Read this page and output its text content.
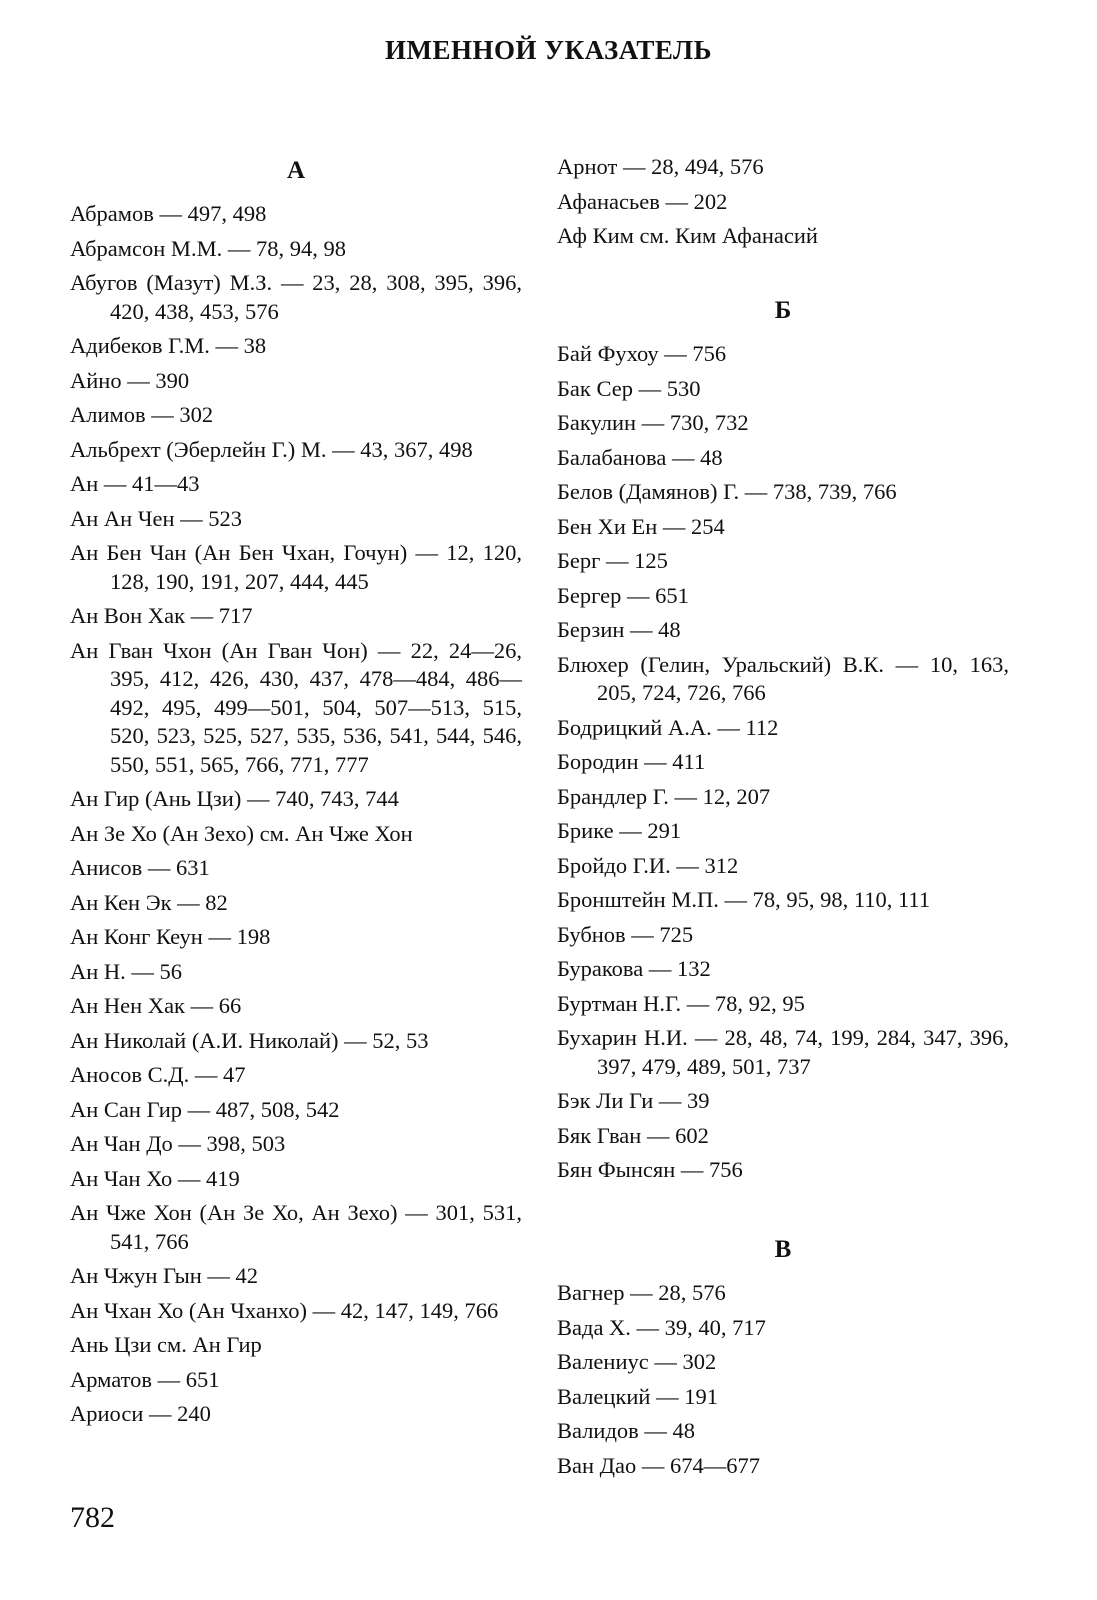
ИМЕННОЙ УКАЗАТЕЛЬ
А
Абрамов — 497, 498
Абрамсон М.М. — 78, 94, 98
Абугов (Мазут) М.З. — 23, 28, 308, 395, 396, 420, 438, 453, 576
Адибеков Г.М. — 38
Айно — 390
Алимов — 302
Альбрехт (Эберлейн Г.) М. — 43, 367, 498
Ан — 41—43
Ан Ан Чен — 523
Ан Бен Чан (Ан Бен Чхан, Гочун) — 12, 120, 128, 190, 191, 207, 444, 445
Ан Вон Хак — 717
Ан Гван Чхон (Ан Гван Чон) — 22, 24—26, 395, 412, 426, 430, 437, 478—484, 486—492, 495, 499—501, 504, 507—513, 515, 520, 523, 525, 527, 535, 536, 541, 544, 546, 550, 551, 565, 766, 771, 777
Ан Гир (Ань Цзи) — 740, 743, 744
Ан Зе Хо (Ан Зехо) см. Ан Чже Хон
Анисов — 631
Ан Кен Эк — 82
Ан Конг Кеун — 198
Ан Н. — 56
Ан Нен Хак — 66
Ан Николай (А.И. Николай) — 52, 53
Аносов С.Д. — 47
Ан Сан Гир — 487, 508, 542
Ан Чан До — 398, 503
Ан Чан Хо — 419
Ан Чже Хон (Ан Зе Хо, Ан Зехо) — 301, 531, 541, 766
Ан Чжун Гын — 42
Ан Чхан Хо (Ан Чханхо) — 42, 147, 149, 766
Ань Цзи см. Ан Гир
Арматов — 651
Ариоси — 240
Арнот — 28, 494, 576
Афанасьев — 202
Аф Ким см. Ким Афанасий
Б
Бай Фухоу — 756
Бак Сер — 530
Бакулин — 730, 732
Балабанова — 48
Белов (Дамянов) Г. — 738, 739, 766
Бен Хи Ен — 254
Берг — 125
Бергер — 651
Берзин — 48
Блюхер (Гелин, Уральский) В.К. — 10, 163, 205, 724, 726, 766
Бодрицкий А.А. — 112
Бородин — 411
Брандлер Г. — 12, 207
Брике — 291
Бройдо Г.И. — 312
Бронштейн М.П. — 78, 95, 98, 110, 111
Бубнов — 725
Буракова — 132
Буртман Н.Г. — 78, 92, 95
Бухарин Н.И. — 28, 48, 74, 199, 284, 347, 396, 397, 479, 489, 501, 737
Бэк Ли Ги — 39
Бяк Гван — 602
Бян Фынсян — 756
В
Вагнер — 28, 576
Вада Х. — 39, 40, 717
Валениус — 302
Валецкий — 191
Валидов — 48
Ван Дао — 674—677
782
